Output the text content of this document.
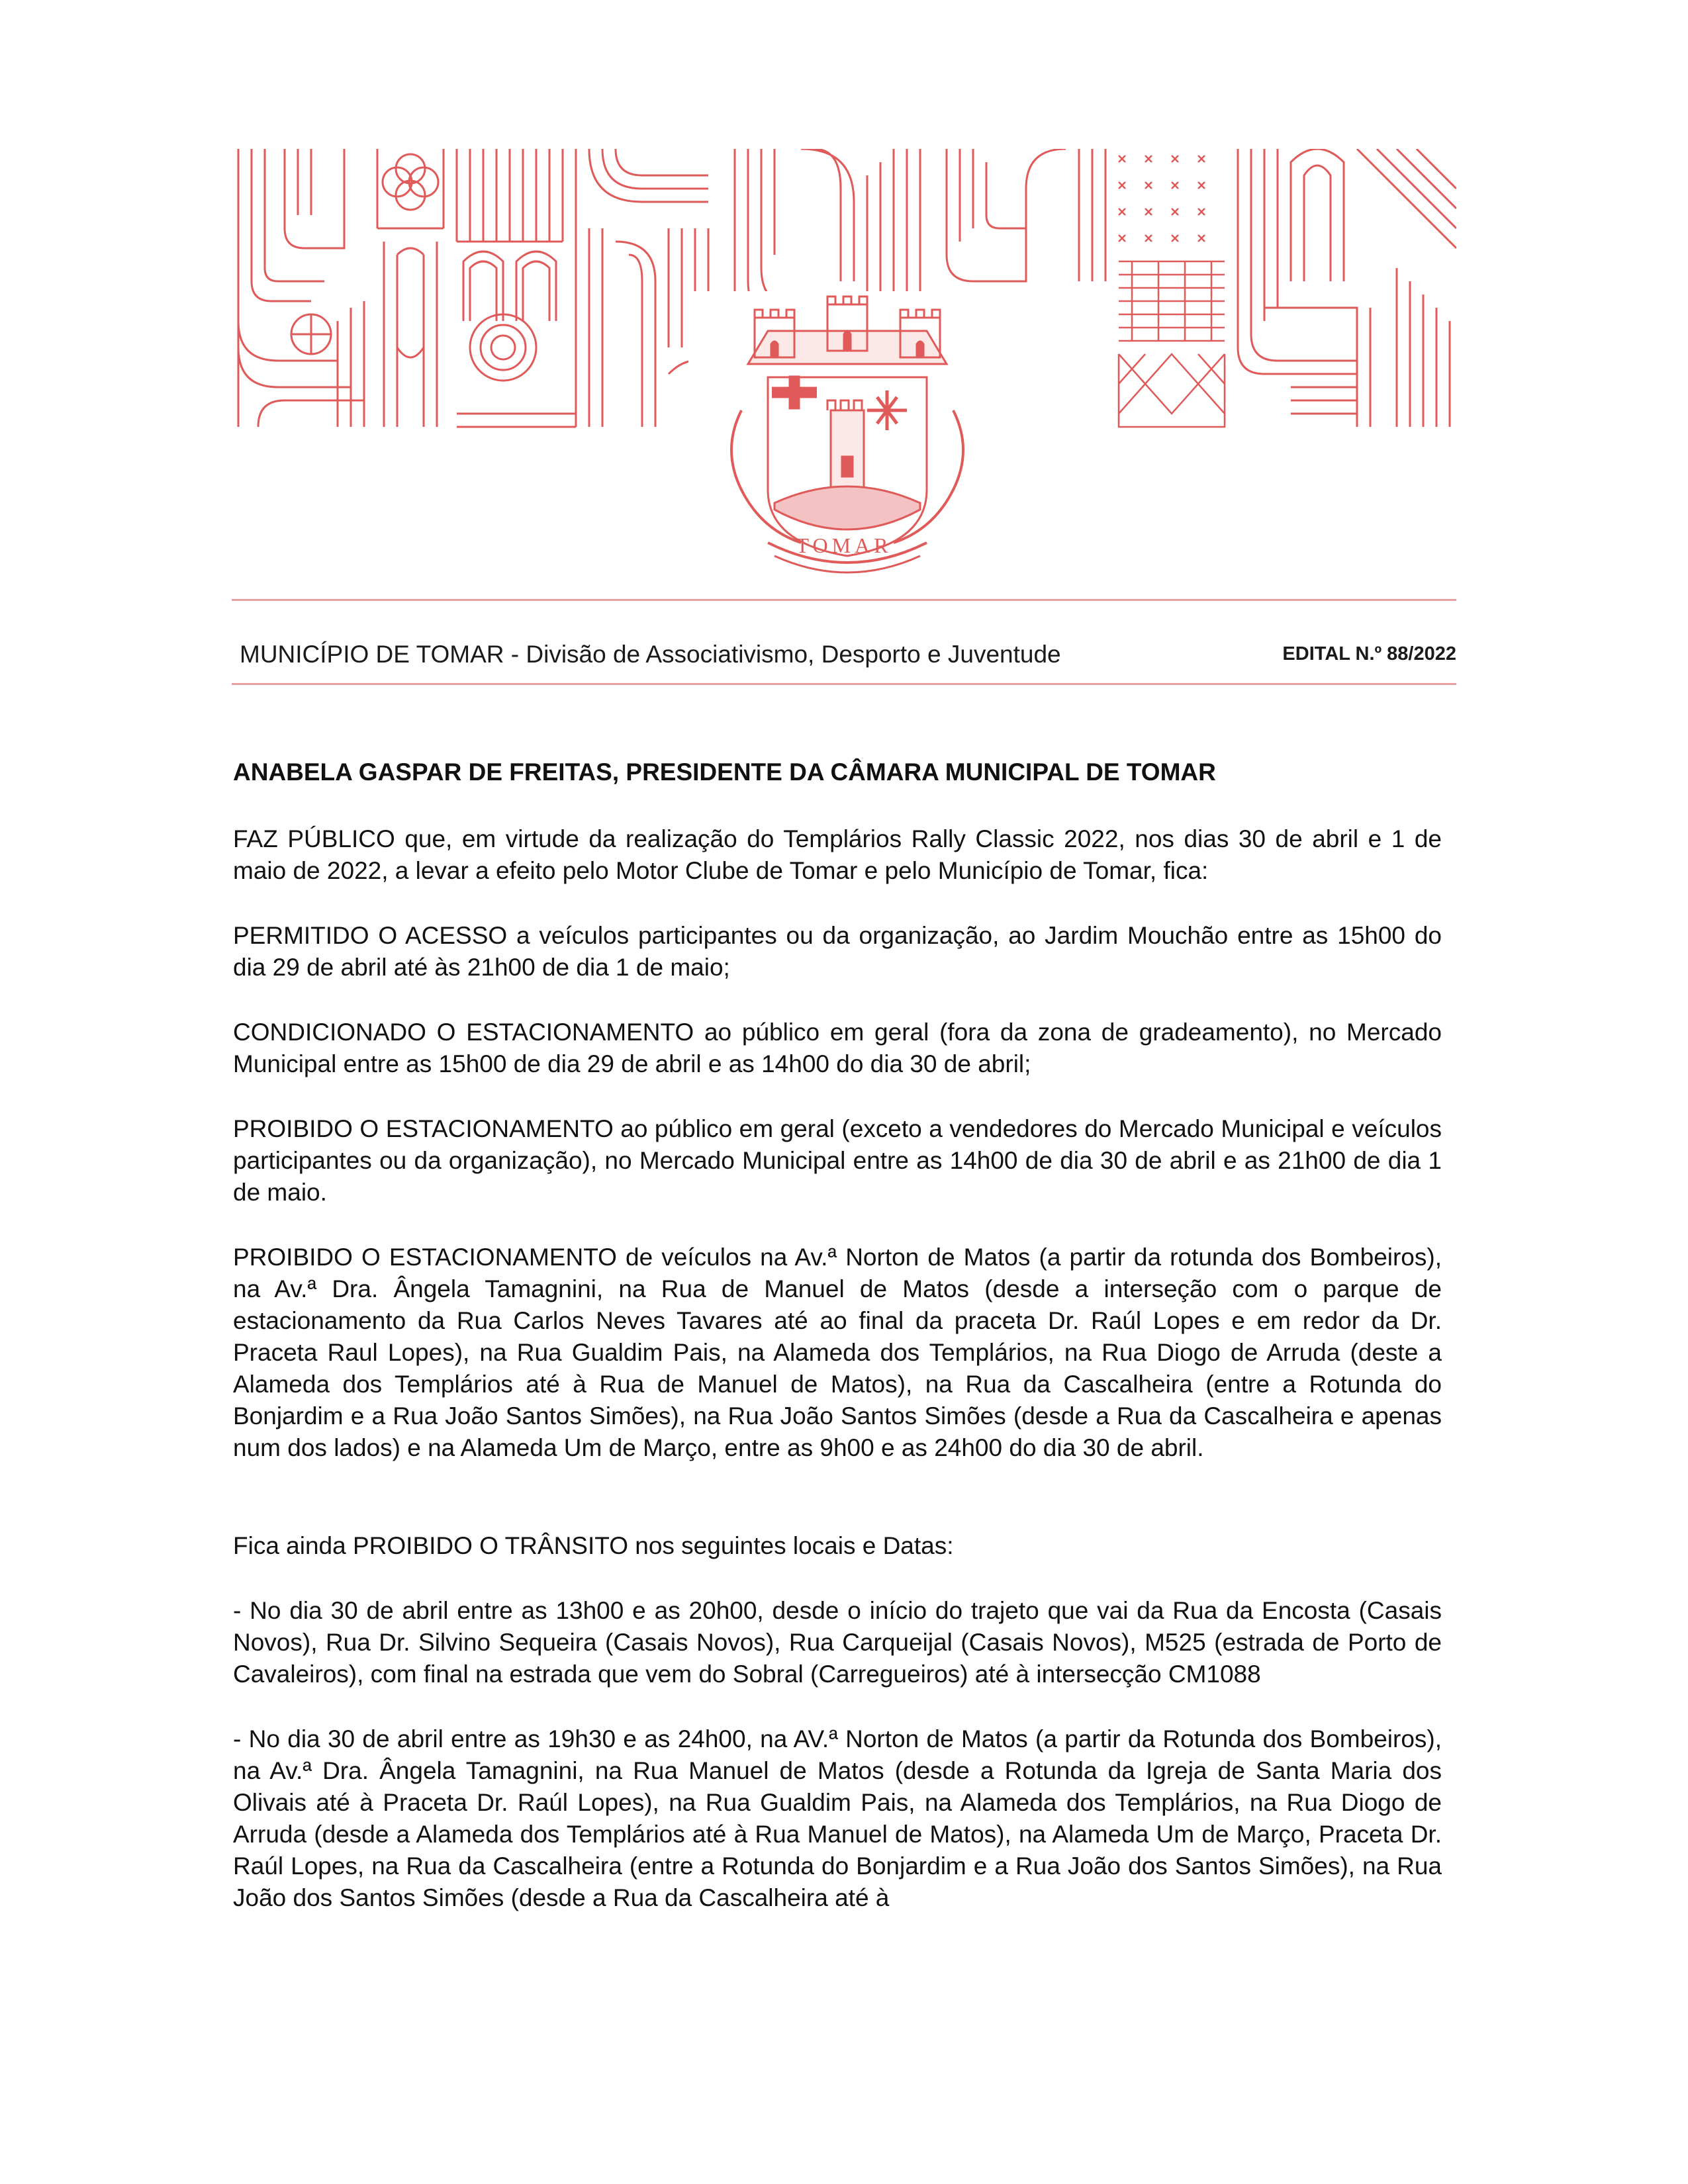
TOMAR
MUNICÍPIO DE TOMAR - Divisão de Associativismo, Desporto e Juventude	EDITAL N.º 88/2022
ANABELA GASPAR DE FREITAS, PRESIDENTE DA CÂMARA MUNICIPAL DE TOMAR

FAZ PÚBLICO que, em virtude da realização do Templários Rally Classic 2022, nos dias 30 de abril e 1 de maio de 2022, a levar a efeito pelo Motor Clube de Tomar e pelo Município de Tomar, fica:

PERMITIDO O ACESSO a veículos participantes ou da organização, ao Jardim Mouchão entre as 15h00 do dia 29 de abril até às 21h00 de dia 1 de maio;

CONDICIONADO O ESTACIONAMENTO ao público em geral (fora da zona de gradeamento), no Mercado Municipal entre as 15h00 de dia 29 de abril e as 14h00 do dia 30 de abril;

PROIBIDO O ESTACIONAMENTO ao público em geral (exceto a vendedores do Mercado Municipal e veículos participantes ou da organização), no Mercado Municipal entre as 14h00 de dia 30 de abril e as 21h00 de dia 1 de maio.

PROIBIDO O ESTACIONAMENTO de veículos na Av.ª Norton de Matos (a partir da rotunda dos Bombeiros), na Av.ª Dra. Ângela Tamagnini, na Rua de Manuel de Matos (desde a interseção com o parque de estacionamento da Rua Carlos Neves Tavares até ao final da praceta Dr. Raúl Lopes e em redor da Dr. Praceta Raul Lopes), na Rua Gualdim Pais, na Alameda dos Templários, na Rua Diogo de Arruda (deste a Alameda dos Templários até à Rua de Manuel de Matos), na Rua da Cascalheira (entre a Rotunda do Bonjardim e a Rua João Santos Simões), na Rua João Santos Simões (desde a Rua da Cascalheira e apenas num dos lados) e na Alameda Um de Março, entre as 9h00 e as 24h00 do dia 30 de abril.

Fica ainda PROIBIDO O TRÂNSITO nos seguintes locais e Datas:

- No dia 30 de abril entre as 13h00 e as 20h00, desde o início do trajeto que vai da Rua da Encosta (Casais Novos), Rua Dr. Silvino Sequeira (Casais Novos), Rua Carqueijal (Casais Novos), M525 (estrada de Porto de Cavaleiros), com final na estrada que vem do Sobral (Carregueiros) até à intersecção CM1088

- No dia 30 de abril entre as 19h30 e as 24h00, na AV.ª Norton de Matos (a partir da Rotunda dos Bombeiros), na Av.ª Dra. Ângela Tamagnini, na Rua Manuel de Matos (desde a Rotunda da Igreja de Santa Maria dos Olivais até à Praceta Dr. Raúl Lopes), na Rua Gualdim Pais, na Alameda dos Templários, na Rua Diogo de Arruda (desde a Alameda dos Templários até à Rua Manuel de Matos), na Alameda Um de Março, Praceta Dr. Raúl Lopes, na Rua da Cascalheira (entre a Rotunda do Bonjardim e a Rua João dos Santos Simões), na Rua João dos Santos Simões (desde a Rua da Cascalheira até à
